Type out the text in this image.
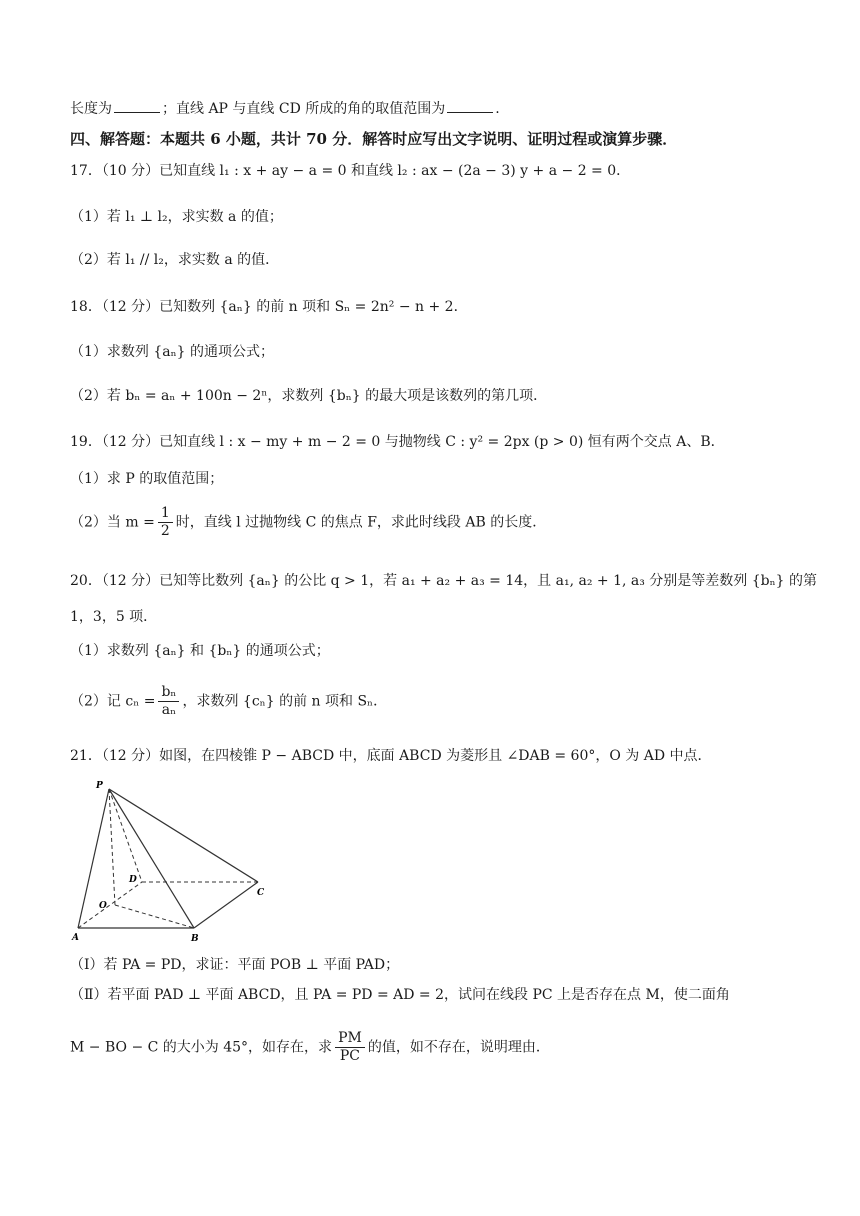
长度为	；直线 AP 与直线 CD 所成的角的取值范围为	.
四、解答题：本题共 6 小题，共计 70 分．解答时应写出文字说明、证明过程或演算步骤．
17．（10 分）已知直线 l₁ : x + ay − a = 0 和直线 l₂ : ax − (2a − 3) y + a − 2 = 0．
（1）若 l₁ ⊥ l₂，求实数 a 的值；
（2）若 l₁ // l₂，求实数 a 的值．
18．（12 分）已知数列 {aₙ} 的前 n 项和 Sₙ = 2n² − n + 2．
（1）求数列 {aₙ} 的通项公式；
（2）若 bₙ = aₙ + 100n − 2ⁿ，求数列 {bₙ} 的最大项是该数列的第几项．
19．（12 分）已知直线 l : x − my + m − 2 = 0 与抛物线 C : y² = 2px (p > 0) 恒有两个交点 A、B．
（1）求 P 的取值范围；
（2）当 $m = \frac{1}{2}$ 时，直线 l 过抛物线 C 的焦点 F，求此时线段 AB 的长度．
20．（12 分）已知等比数列 {aₙ} 的公比 q > 1，若 a₁ + a₂ + a₃ = 14，且 a₁, a₂ + 1, a₃ 分别是等差数列 {bₙ} 的第
1，3，5 项．
（1）求数列 {aₙ} 和 {bₙ} 的通项公式；
（2）记 $c_n = \frac{\text{bₙ}}{\text{aₙ}}$ ，求数列 {cₙ} 的前 n 项和 Sₙ．
21．（12 分）如图，在四棱锥 P − ABCD 中，底面 ABCD 为菱形且 ∠DAB = 60°，O 为 AD 中点．
P
D
C
O
A	B
（Ⅰ）若 PA = PD，求证：平面 POB ⊥ 平面 PAD；
（Ⅱ）若平面 PAD ⊥ 平面 ABCD，且 PA = PD = AD = 2，试问在线段 PC 上是否存在点 M，使二面角
M − BO − C 的大小为 45°，如存在，求 $\frac{PM}{PC}$ 的值，如不存在，说明理由．
